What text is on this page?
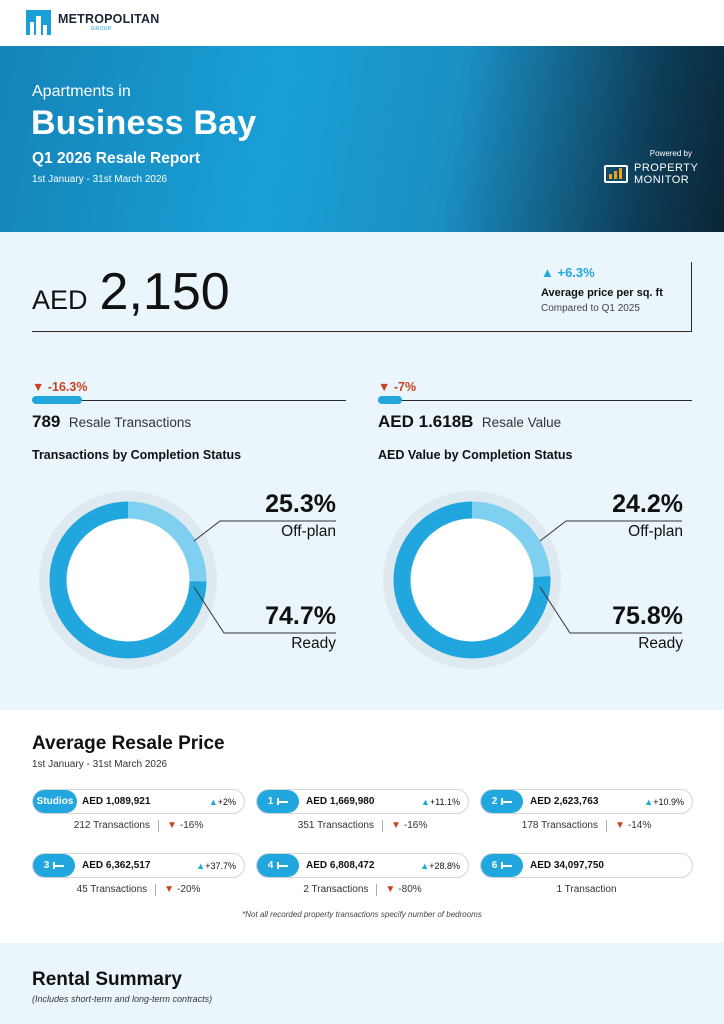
METROPOLITAN
GROUP
Apartments in
Business Bay
Q1 2026 Resale Report
1st January - 31st March 2026
Powered by
PROPERTY
MONITOR
AED 2,150	▲ +6.3%
Average price per sq. ft
Compared to Q1 2025
▼ -16.3%
789 Resale Transactions
Transactions by Completion Status
▼ -7%
AED 1.618B Resale Value
AED Value by Completion Status
25.3%
Off-plan
74.7%
Ready
24.2%
Off-plan
75.8%
Ready
Average Resale Price
1st January - 31st March 2026
Studios AED 1,089,921	▲+2%
212 Transactions ▼ -16%
1	AED 1,669,980	▲+11.1%
351 Transactions ▼ -16%
2	AED 2,623,763	▲+10.9%
178 Transactions ▼ -14%
3	AED 6,362,517	▲+37.7%
45 Transactions ▼ -20%
4	AED 6,808,472	▲+28.8%
2 Transactions ▼ -80%
6	AED 34,097,750
1 Transaction
*Not all recorded property transactions specify number of bedrooms
Rental Summary
(Includes short-term and long-term contracts)
